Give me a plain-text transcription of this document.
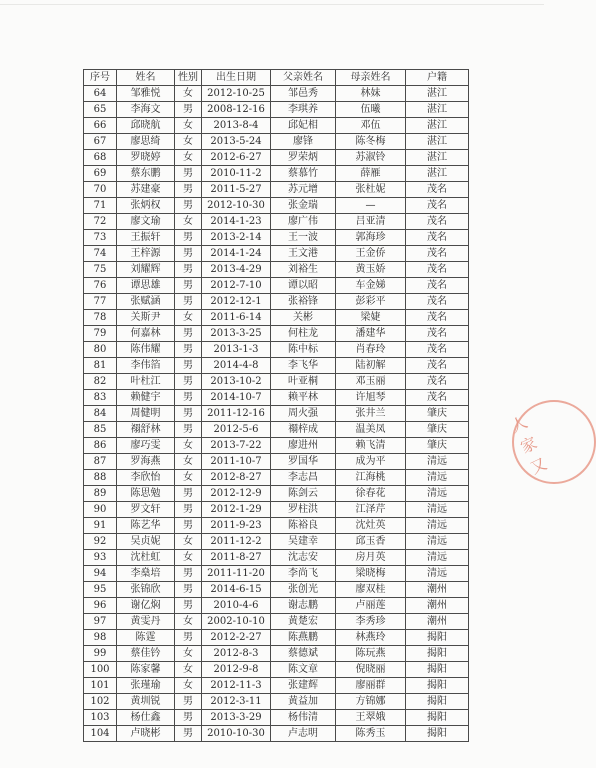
序号	姓名	性别	出生日期	父亲姓名	母亲姓名	户籍
64	邹雅悦	女	2012-10-25	邹邑秀	林妹	湛江
65	李海文	男	2008-12-16	李琪养	伍曦	湛江
66	邱晓航	女	2013-8-4	邱妃相	邓伍	湛江
67	廖思绮	女	2013-5-24	廖锋	陈冬梅	湛江
68	罗晓婷	女	2012-6-27	罗荣炳	苏淑铃	湛江
69	蔡东鹏	男	2010-11-2	蔡慕竹	薛雁	湛江
70	苏建豪	男	2011-5-27	苏元增	张杜妮	茂名
71	张炳权	男	2012-10-30	张金瑞	—	茂名
72	廖文瑜	女	2014-1-23	廖广伟	吕亚清	茂名
73	王振轩	男	2013-2-14	王一波	郭海珍	茂名
74	王梓源	男	2014-1-24	王文港	王金侨	茂名
75	刘耀辉	男	2013-4-29	刘裕生	黄玉娇	茂名
76	谭思雄	男	2012-7-10	谭以昭	车金娣	茂名
77	张赋涵	男	2012-12-1	张裕锋	彭彩平	茂名
78	关斯尹	女	2011-6-14	关彬	梁婕	茂名
79	何嘉林	男	2013-3-25	何柱龙	潘建华	茂名
80	陈伟耀	男	2013-1-3	陈中标	肖春玲	茂名
81	李伟箔	男	2014-4-8	李飞华	陆初解	茂名
82	叶杜江	男	2013-10-2	叶亚桐	邓玉丽	茂名
83	赖健宇	男	2014-10-7	赖平林	许旭琴	茂名
84	周健明	男	2011-12-16	周火强	张井兰	肇庆
85	禤舒林	男	2012-5-6	禤梓成	温美凤	肇庆
86	廖巧雯	女	2013-7-22	廖进州	赖飞清	肇庆
87	罗海燕	女	2011-10-7	罗国华	成为平	清远
88	李欣怡	女	2012-8-27	李志昌	江海桃	清远
89	陈思勉	男	2012-12-9	陈剑云	徐春花	清远
90	罗文轩	男	2012-1-29	罗柱洪	江泽芹	清远
91	陈艺华	男	2011-9-23	陈裕良	沈灶英	清远
92	吴贞妮	女	2011-12-2	吴建幸	邱玉香	清远
93	沈杜虹	女	2011-8-27	沈志安	房月英	清远
94	李燊培	男	2011-11-20	李尚飞	梁晓梅	清远
95	张锦欣	男	2014-6-15	张创光	廖双桂	潮州
96	谢亿焖	男	2010-4-6	谢志鹏	卢丽莲	潮州
97	黄雯丹	女	2002-10-10	黄楚宏	李秀珍	潮州
98	陈霆	男	2012-2-27	陈燕鹏	林燕玲	揭阳
99	蔡佳钤	女	2012-8-3	蔡德斌	陈玩燕	揭阳
100	陈家馨	女	2012-9-8	陈文章	倪晓丽	揭阳
101	张瑾瑜	女	2012-11-3	张建辉	廖丽群	揭阳
102	黄圳锐	男	2012-3-11	黄益加	方锦娜	揭阳
103	杨仕鑫	男	2013-3-29	杨伟清	王翠娥	揭阳
104	卢晓彬	男	2010-10-30	卢志明	陈秀玉	揭阳
人家又
